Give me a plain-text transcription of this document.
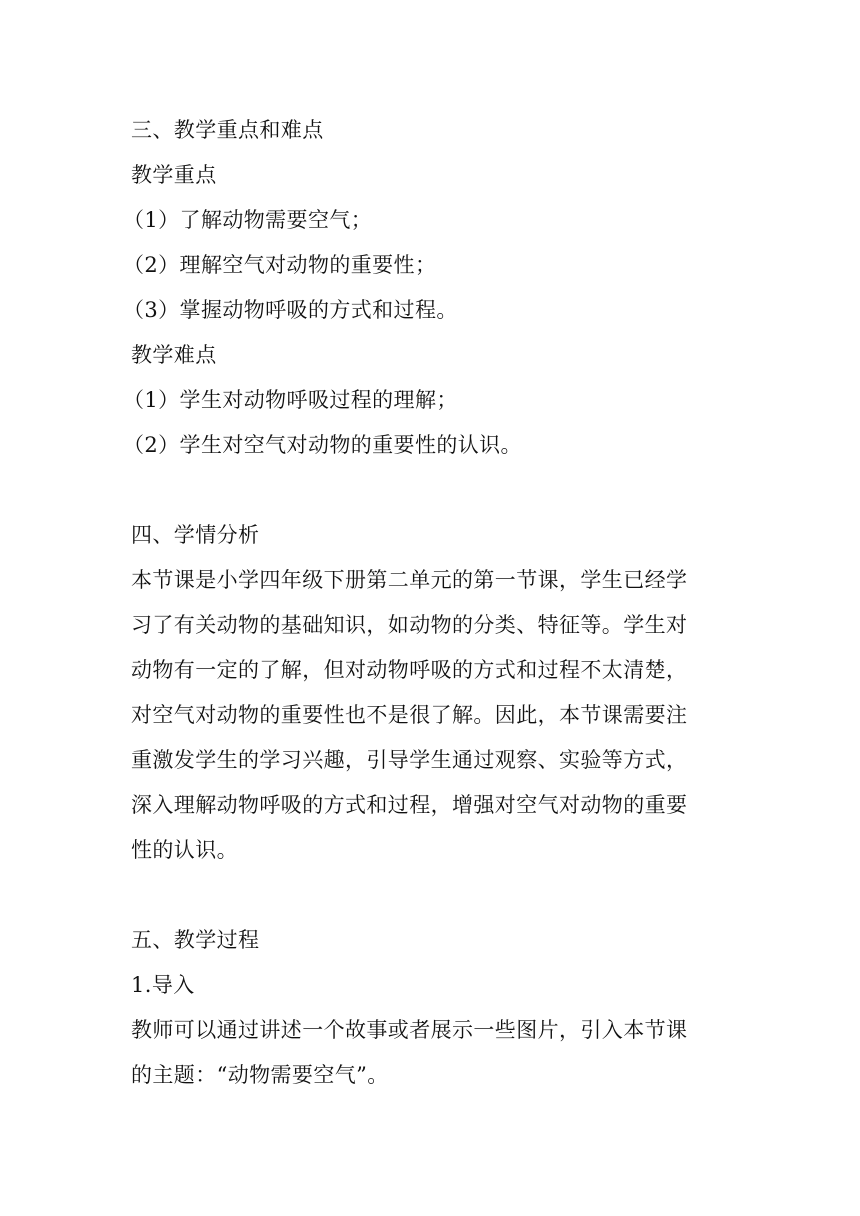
三、教学重点和难点
教学重点
（1）了解动物需要空气；
（2）理解空气对动物的重要性；
（3）掌握动物呼吸的方式和过程。
教学难点
（1）学生对动物呼吸过程的理解；
（2）学生对空气对动物的重要性的认识。
四、学情分析
本节课是小学四年级下册第二单元的第一节课，学生已经学
习了有关动物的基础知识，如动物的分类、特征等。学生对
动物有一定的了解，但对动物呼吸的方式和过程不太清楚，
对空气对动物的重要性也不是很了解。因此，本节课需要注
重激发学生的学习兴趣，引导学生通过观察、实验等方式，
深入理解动物呼吸的方式和过程，增强对空气对动物的重要
性的认识。
五、教学过程
1.导入
教师可以通过讲述一个故事或者展示一些图片，引入本节课
的主题：“动物需要空气”。
